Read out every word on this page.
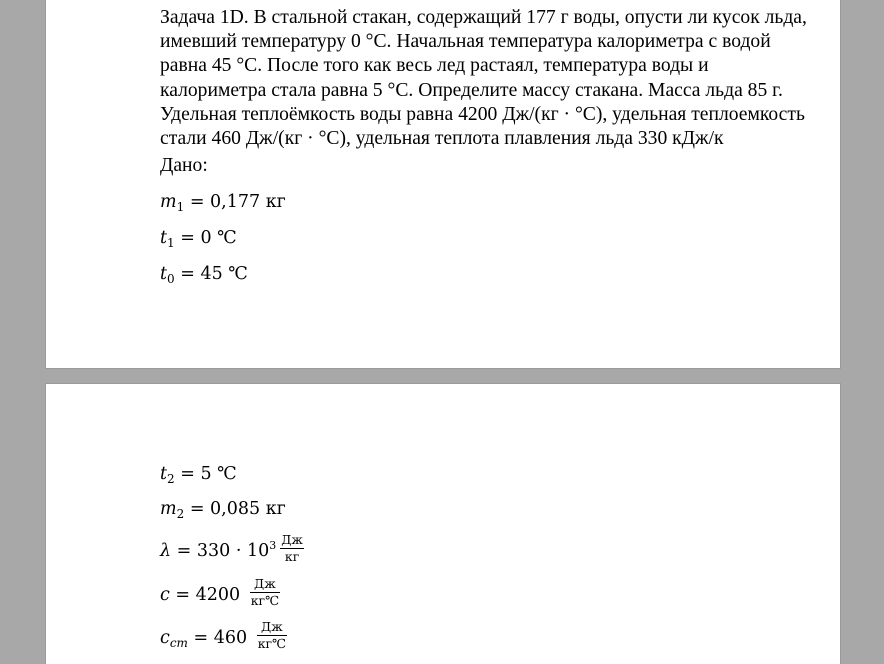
Задача 1D. В стальной стакан, содержащий 177 г воды, опусти ли кусок льда, имевший температуру 0 °С. Начальная температура калориметра с водой равна 45 °С. После того как весь лед растаял, температура воды и калориметра стала равна 5 °С. Определите массу стакана. Масса льда 85 г. Удельная теплоёмкость воды равна 4200 Дж/(кг · °С), удельная теплоемкость стали 460 Дж/(кг · °С), удельная теплота плавления льда 330 кДж/к

Дано:
$m_1 = 0,177$ кг
$t_1 = 0$ ℃
$t_0 = 45$ ℃
$t_2 = 5$ ℃
$m_2 = 0,085$ кг
$\lambda = 330 \cdot 10^3 \frac{Дж}{кг}$
$c = 4200 \frac{Дж}{кг℃}$
$c_{ст} = 460 \frac{Дж}{кг℃}$
